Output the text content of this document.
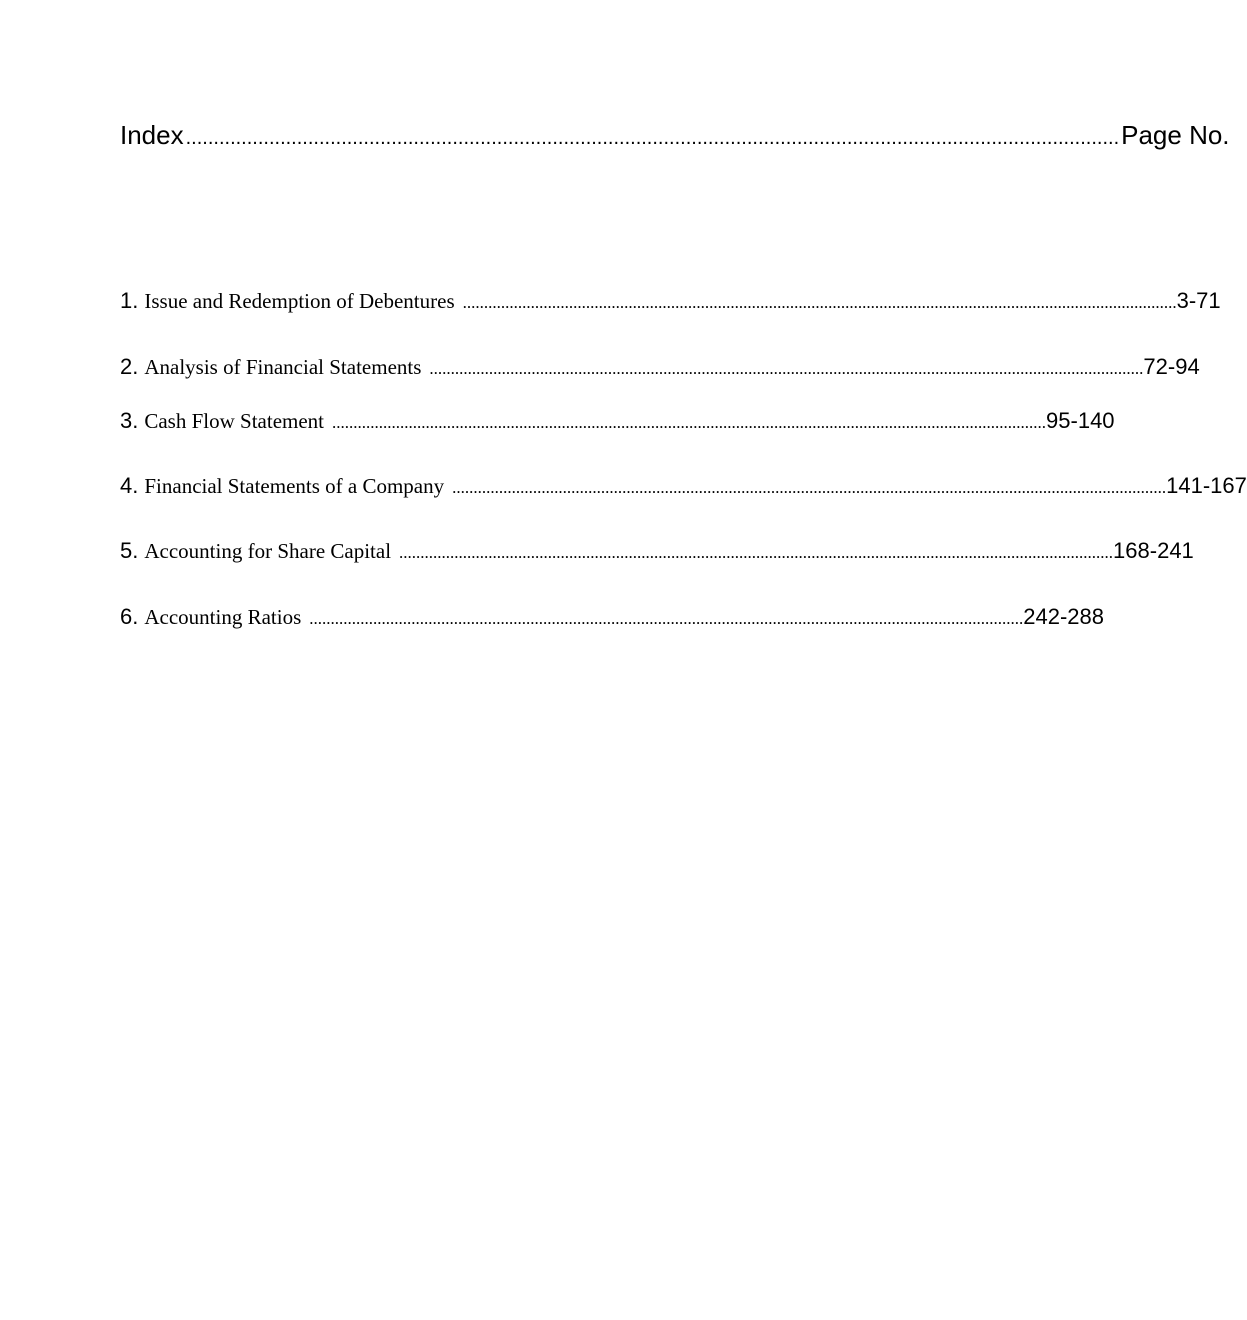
Index ........................................................................................................................................................................ Page No.
1. Issue and Redemption of Debentures ........................................................................................................................................................................ 3-71
2. Analysis of Financial Statements ........................................................................................................................................................................ 72-94
3. Cash Flow Statement ........................................................................................................................................................................ 95-140
4. Financial Statements of a Company ........................................................................................................................................................................ 141-167
5. Accounting for Share Capital ........................................................................................................................................................................ 168-241
6. Accounting Ratios ........................................................................................................................................................................ 242-288
